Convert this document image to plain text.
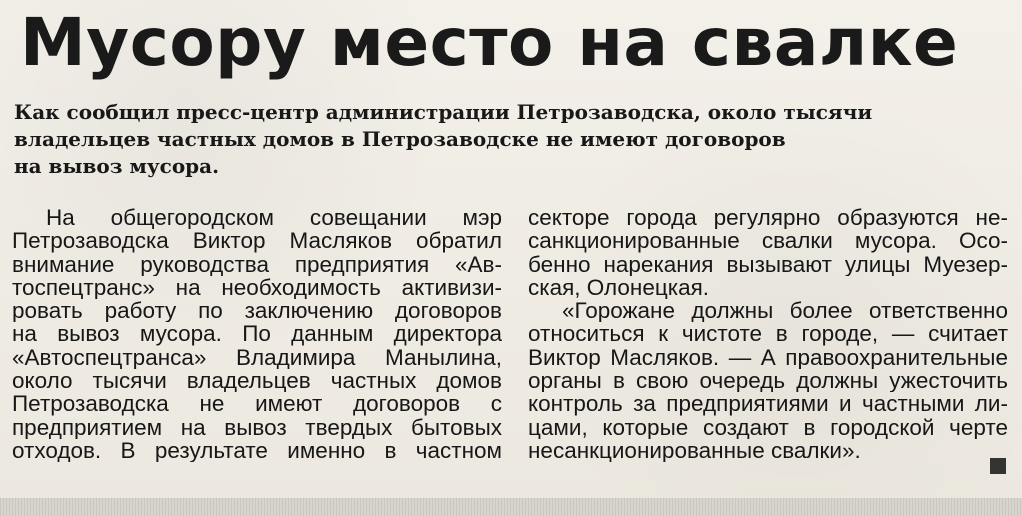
Мусору место на свалке
Как сообщил пресс-центр администрации Петрозаводска, около тысячи
владельцев частных домов в Петрозаводске не имеют договоров
на вывоз мусора.
На общегородском совещании мэр
Петрозаводска Виктор Масляков обратил
внимание руководства предприятия «Ав-
тоспецтранс» на необходимость активизи-
ровать работу по заключению договоров
на вывоз мусора. По данным директора
«Автоспецтранса» Владимира Манылина,
около тысячи владельцев частных домов
Петрозаводска не имеют договоров с
предприятием на вывоз твердых бытовых
отходов. В результате именно в частном
секторе города регулярно образуются не-
санкционированные свалки мусора. Осо-
бенно нарекания вызывают улицы Муезер-
ская, Олонецкая.
«Горожане должны более ответственно
относиться к чистоте в городе, — считает
Виктор Масляков. — А правоохранительные
органы в свою очередь должны ужесточить
контроль за предприятиями и частными ли-
цами, которые создают в городской черте
несанкционированные свалки».
